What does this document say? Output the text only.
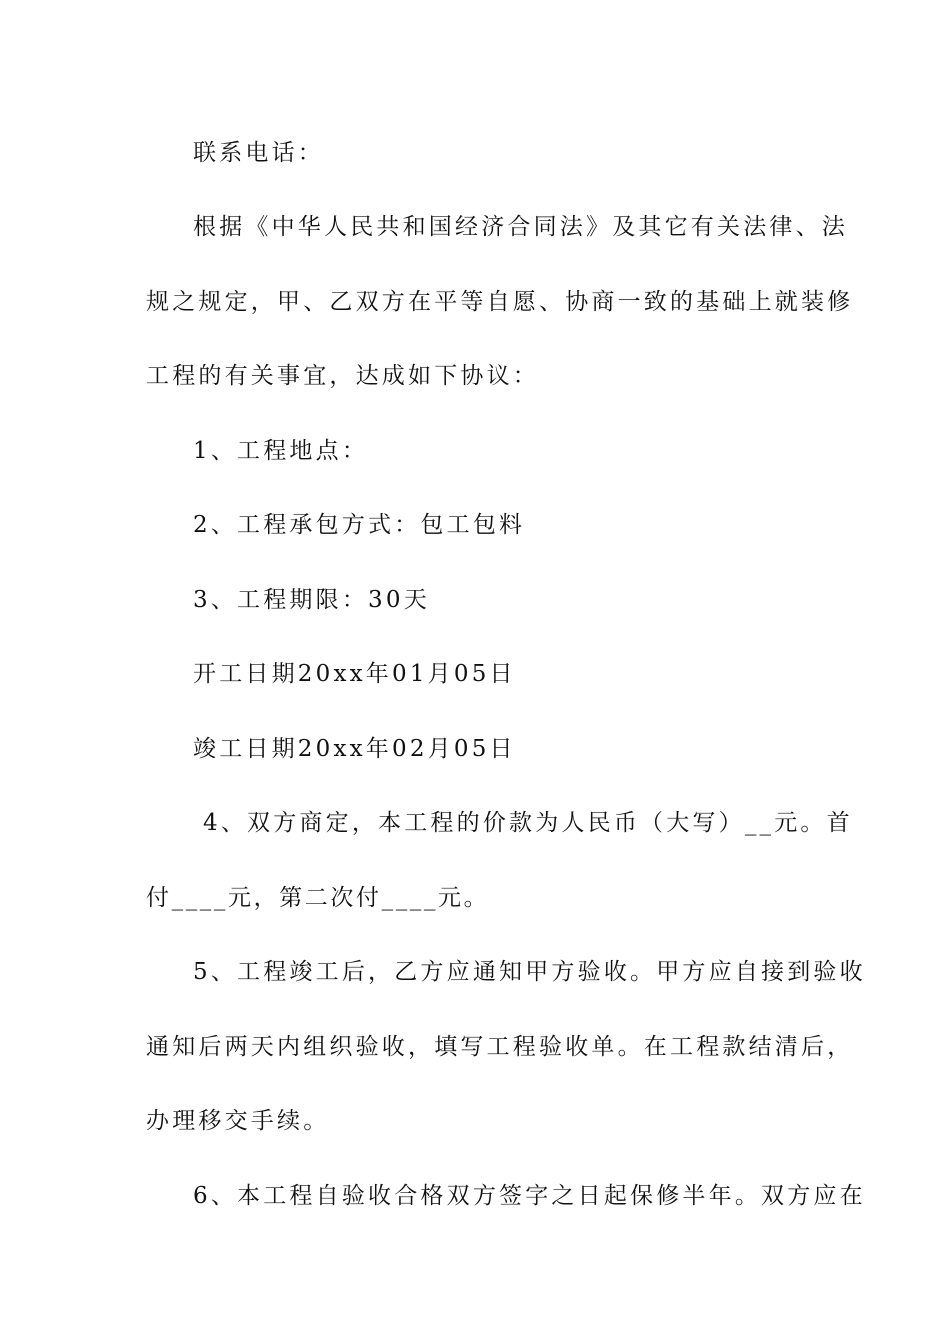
联系电话：
根据《中华人民共和国经济合同法》及其它有关法律、法
规之规定，甲、乙双方在平等自愿、协商一致的基础上就装修
工程的有关事宜，达成如下协议：
1、工程地点：
2、工程承包方式：包工包料
3、工程期限：30天
开工日期20xx年01月05日
竣工日期20xx年02月05日
4、双方商定，本工程的价款为人民币（大写）__元。首
付____元，第二次付____元。
5、工程竣工后，乙方应通知甲方验收。甲方应自接到验收
通知后两天内组织验收，填写工程验收单。在工程款结清后，
办理移交手续。
6、本工程自验收合格双方签字之日起保修半年。双方应在
